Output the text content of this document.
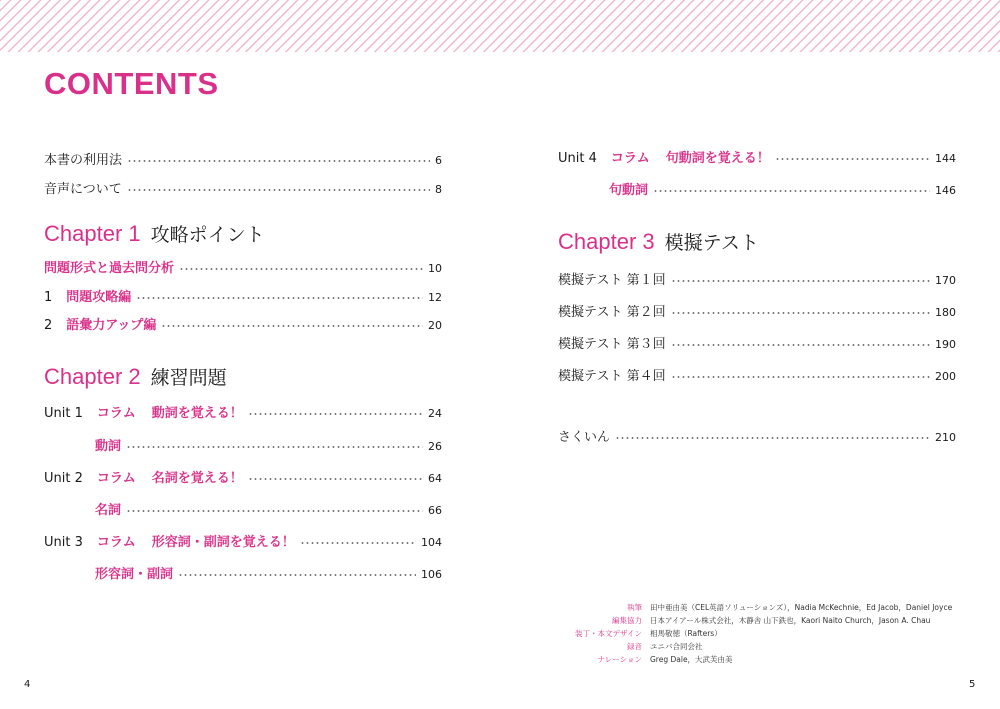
CONTENTS
本書の利用法	6
音声について	8
Chapter 1 攻略ポイント
問題形式と過去問分析	10
1 問題攻略編	12
2 語彙力アップ編	20
Chapter 2 練習問題
Unit 1 コラム 動詞を覚える！	24
動詞	26
Unit 2 コラム 名詞を覚える！	64
名詞	66
Unit 3 コラム 形容詞・副詞を覚える！	104
形容詞・副詞	106
Unit 4 コラム 句動詞を覚える！	144
句動詞	146
Chapter 3 模擬テスト
模擬テスト 第１回	170
模擬テスト 第２回	180
模擬テスト 第３回	190
模擬テスト 第４回	200
さくいん	210
執筆 田中亜由美（CEL英語ソリューションズ），Nadia McKechnie，Ed Jacob，Daniel Joyce
編集協力 日本アイアール株式会社，木静舎 山下鉄也，Kaori Naito Church，Jason A. Chau
装丁・本文デザイン 相馬敬徳（Rafters）
録音 ユニバ合同会社
ナレーション Greg Dale，大武芙由美
4	5
